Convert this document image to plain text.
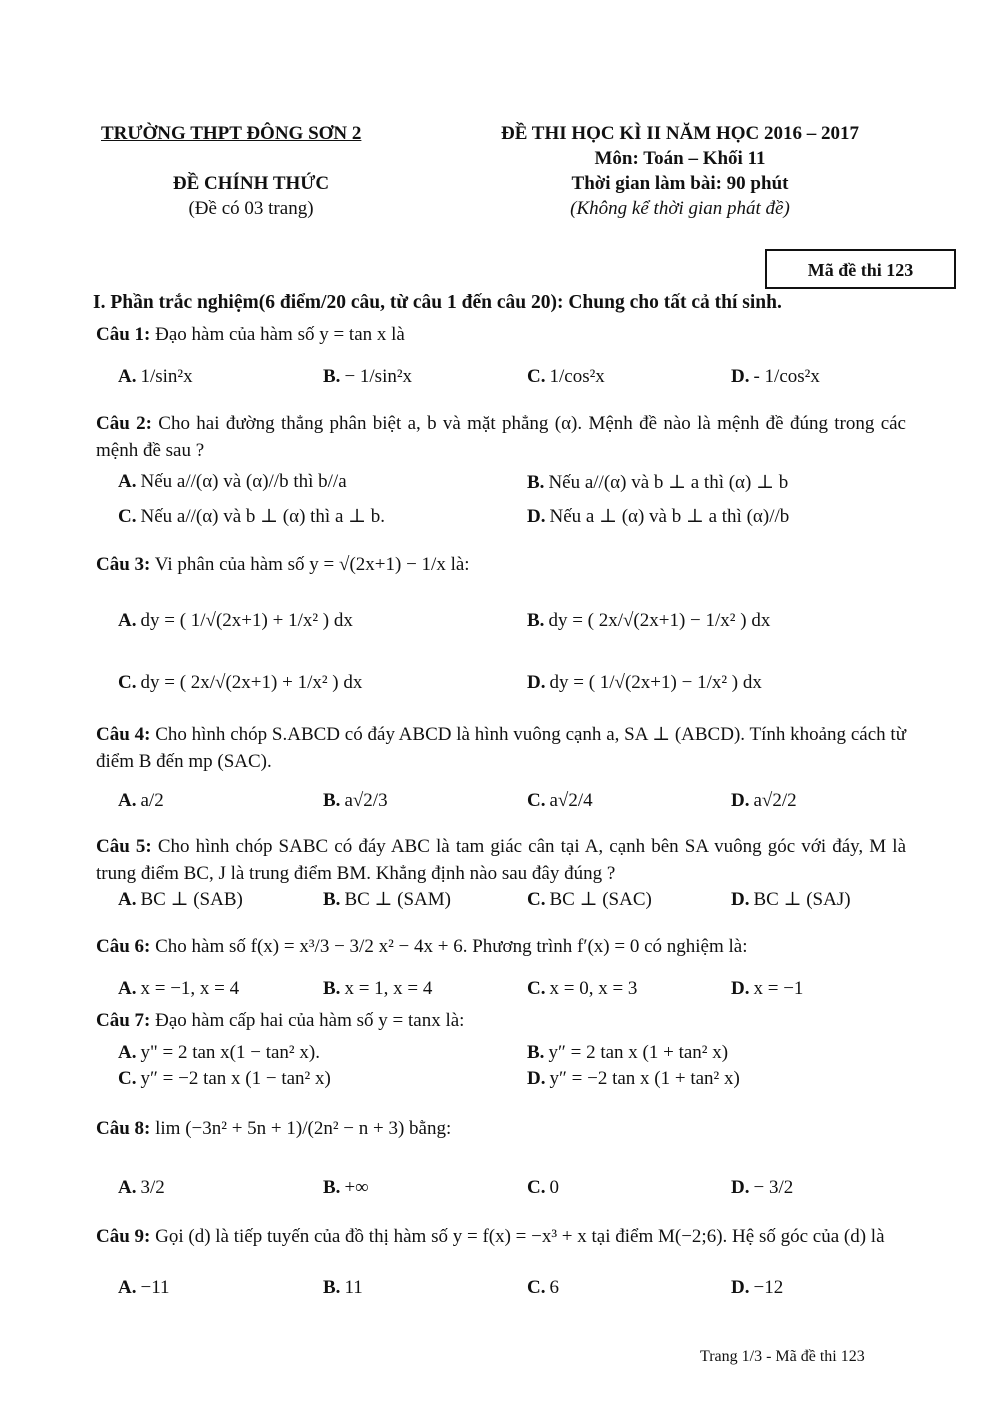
TRƯỜNG THPT ĐÔNG SƠN 2
ĐỀ CHÍNH THỨC
(Đề có 03 trang)
ĐỀ THI HỌC KÌ II NĂM HỌC 2016 – 2017
Môn: Toán – Khối 11
Thời gian làm bài: 90 phút
(Không kể thời gian phát đề)
Mã đề thi 123
I. Phần trắc nghiệm(6 điểm/20 câu, từ câu 1 đến câu 20): Chung cho tất cả thí sinh.
Câu 1: Đạo hàm của hàm số y = tan x là
A. 1/sin²x	B. − 1/sin²x	C. 1/cos²x	D. - 1/cos²x
Câu 2: Cho hai đường thẳng phân biệt a, b và mặt phẳng (α). Mệnh đề nào là mệnh đề đúng trong các mệnh đề sau ?
A. Nếu a//(α) và (α)//b thì b//a	B. Nếu a//(α) và b ⊥ a thì (α) ⊥ b
C. Nếu a//(α) và b ⊥ (α) thì a ⊥ b.	D. Nếu a ⊥ (α) và b ⊥ a thì (α)//b
Câu 3: Vi phân của hàm số y = √(2x+1) − 1/x là:
A. dy = ( 1/√(2x+1) + 1/x² ) dx	B. dy = ( 2x/√(2x+1) − 1/x² ) dx
C. dy = ( 2x/√(2x+1) + 1/x² ) dx	D. dy = ( 1/√(2x+1) − 1/x² ) dx
Câu 4: Cho hình chóp S.ABCD có đáy ABCD là hình vuông cạnh a, SA ⊥ (ABCD). Tính khoảng cách từ điểm B đến mp (SAC).
A. a/2	B. a√2/3	C. a√2/4	D. a√2/2
Câu 5: Cho hình chóp SABC có đáy ABC là tam giác cân tại A, cạnh bên SA vuông góc với đáy, M là trung điểm BC, J là trung điểm BM. Khẳng định nào sau đây đúng ?
A. BC ⊥ (SAB)	B. BC ⊥ (SAM)	C. BC ⊥ (SAC)	D. BC ⊥ (SAJ)
Câu 6: Cho hàm số f(x) = x³/3 − 3/2 x² − 4x + 6. Phương trình f′(x) = 0 có nghiệm là:
A. x = −1, x = 4	B. x = 1, x = 4	C. x = 0, x = 3	D. x = −1
Câu 7: Đạo hàm cấp hai của hàm số y = tanx là:
A. y" = 2 tan x(1 − tan² x).	B. y″ = 2 tan x (1 + tan² x)
C. y″ = −2 tan x (1 − tan² x)	D. y″ = −2 tan x (1 + tan² x)
Câu 8: lim (−3n² + 5n + 1)/(2n² − n + 3) bằng:
A. 3/2	B. +∞	C. 0	D. − 3/2
Câu 9: Gọi (d) là tiếp tuyến của đồ thị hàm số y = f(x) = −x³ + x tại điểm M(−2;6). Hệ số góc của (d) là
A. −11	B. 11	C. 6	D. −12
Trang 1/3 - Mã đề thi 123
